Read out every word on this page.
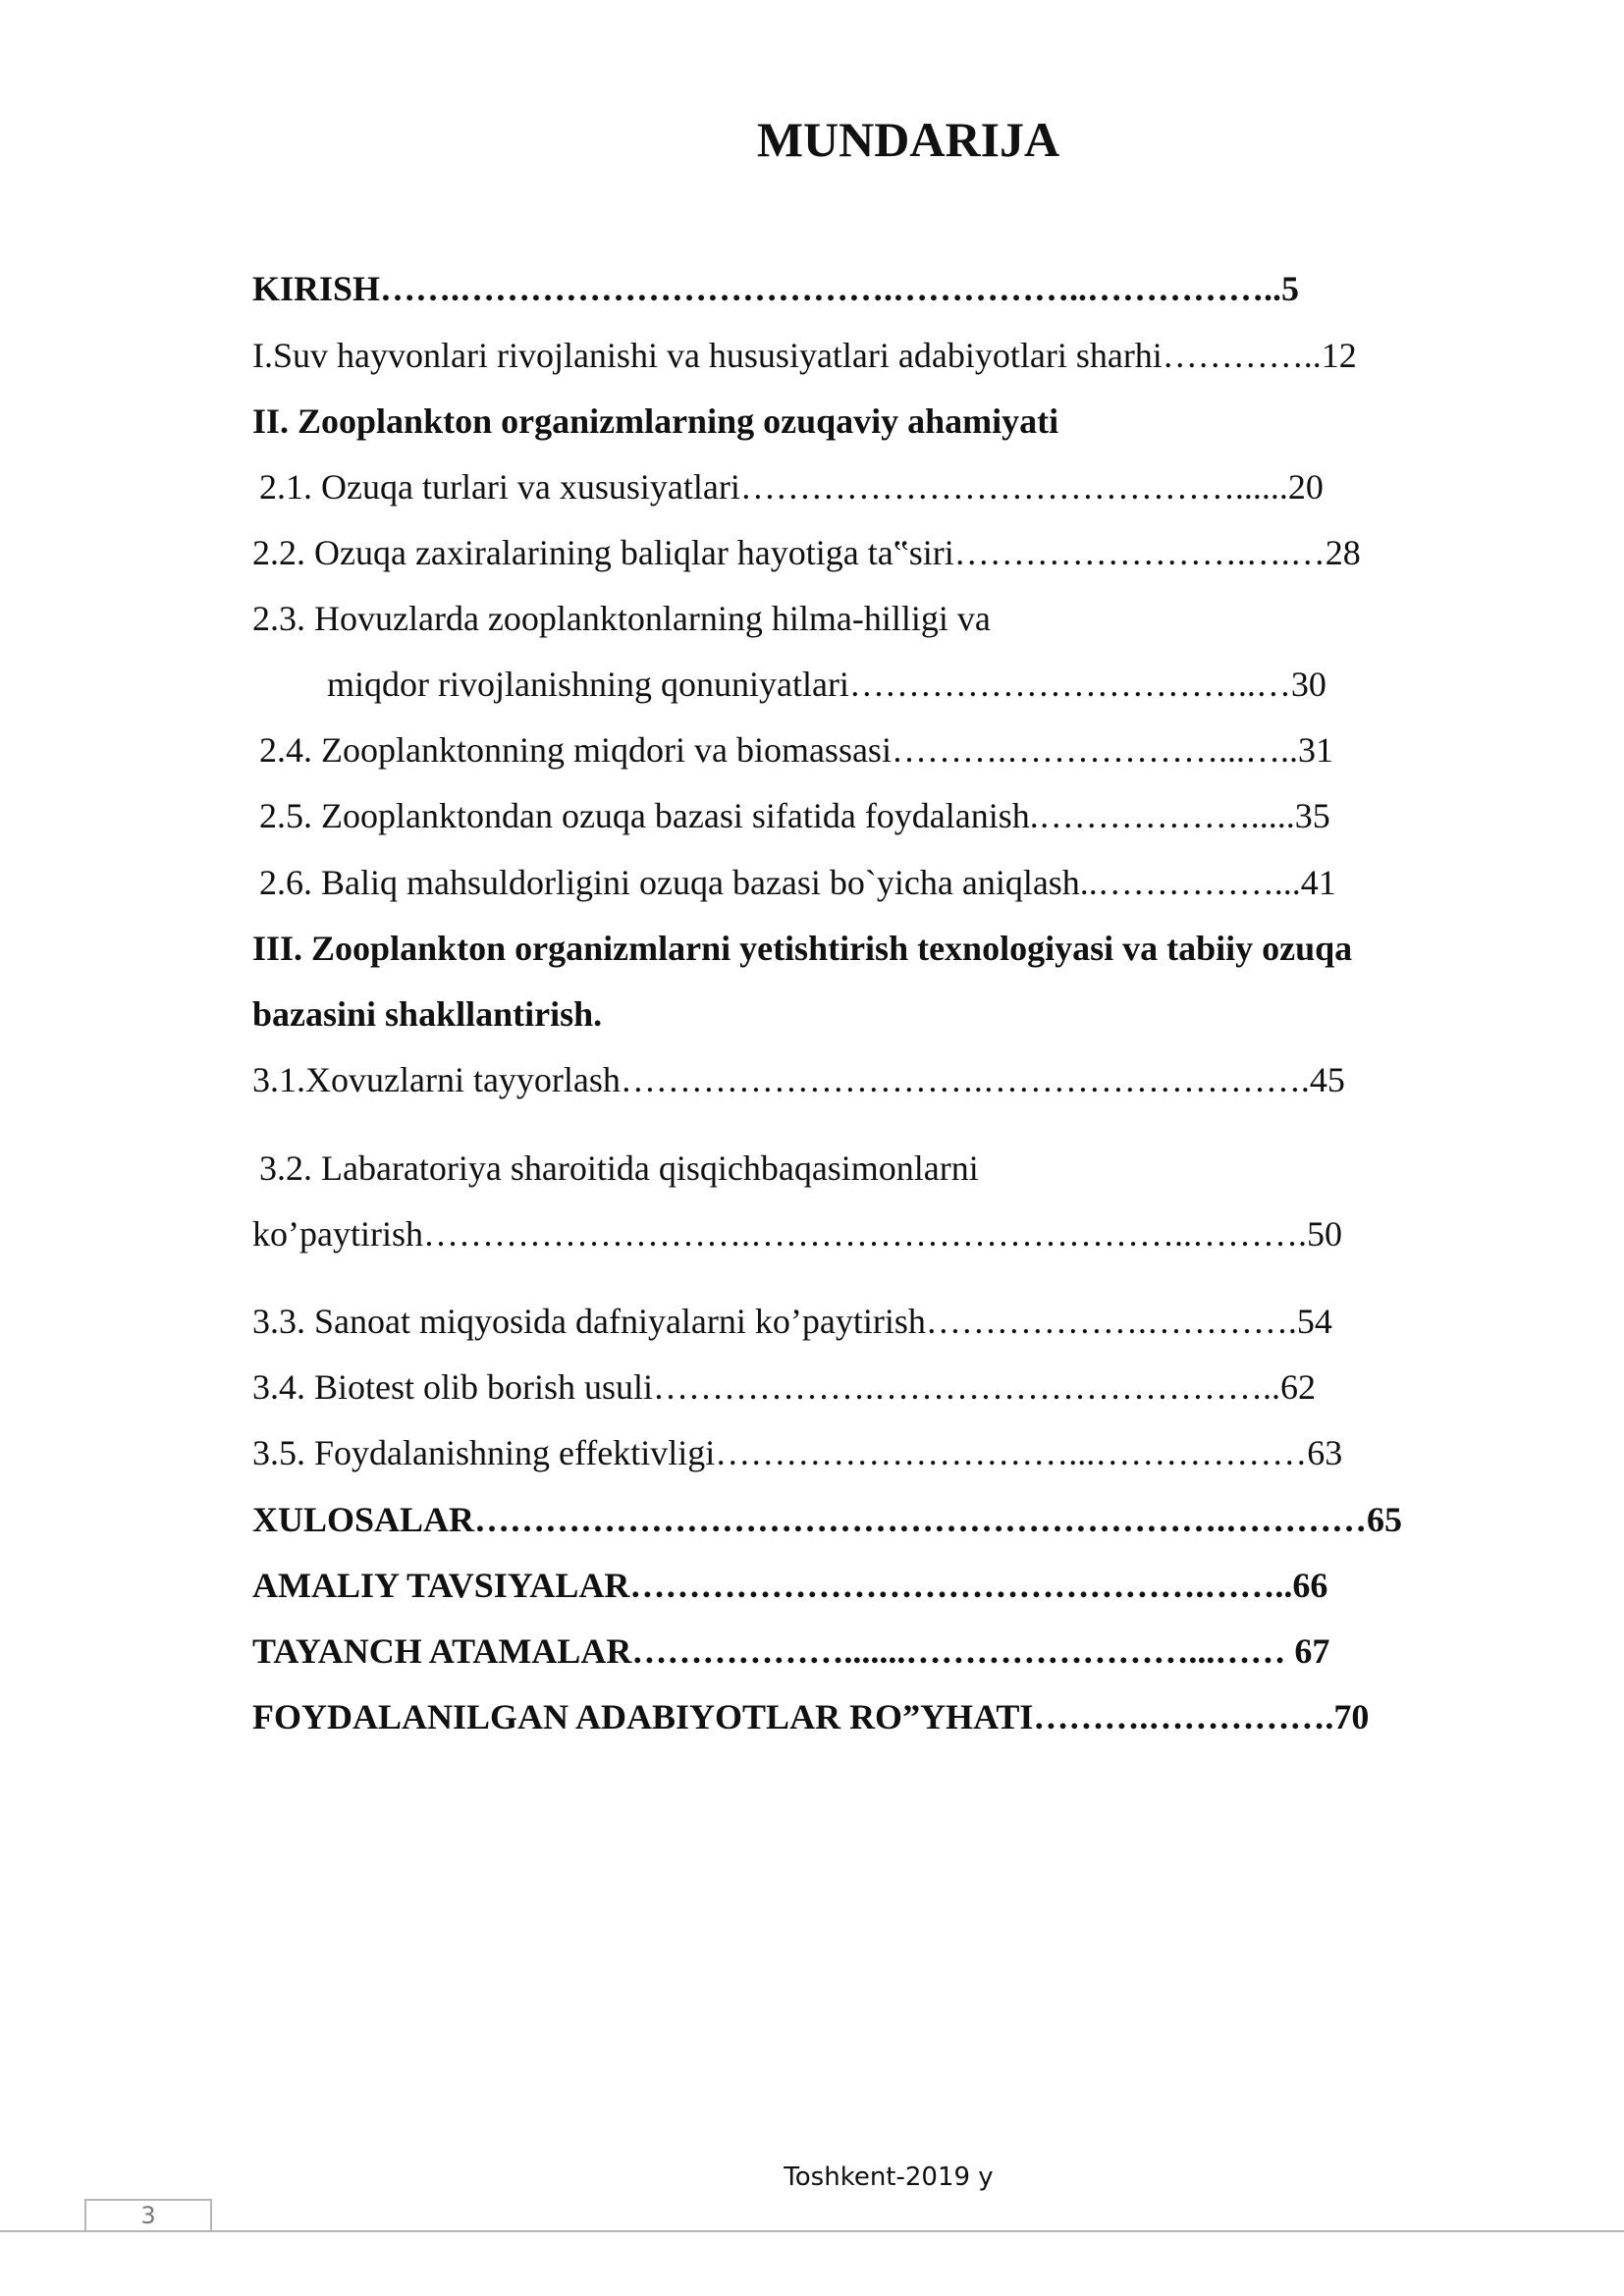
MUNDARIJA
KIRISH…….……………………………….……………..……………..5
I.Suv hayvonlari rivojlanishi va hususiyatlari adabiyotlari sharhi…………..12
II. Zooplankton organizmlarning ozuqaviy ahamiyati
2.1. Ozuqa turlari va xususiyatlari……………………………………......20
2.2. Ozuqa zaxiralarining baliqlar hayotiga ta‟siri…………………….….…28
2.3. Hovuzlarda zooplanktonlarning hilma-hilligi va
miqdor rivojlanishning qonuniyatlari……………………………..…30
2.4. Zooplanktonning miqdori va biomassasi……….………………...…..31
2.5. Zooplanktondan ozuqa bazasi sifatida foydalanish.……………….....35
2.6. Baliq mahsuldorligini ozuqa bazasi bo`yicha aniqlash..……………...41
III. Zooplankton organizmlarni yetishtirish texnologiyasi va tabiiy ozuqa
bazasini shakllantirish.
3.1.Xovuzlarni tayyorlash………………………….……………………….45
3.2. Labaratoriya sharoitida qisqichbaqasimonlarni
ko’paytirish……………………….………………………………..……….50
3.3. Sanoat miqyosida dafniyalarni ko’paytirish……………….………….54
3.4. Biotest olib borish usuli……………….……………………………..62
3.5. Foydalanishning effektivligi…………………………...………………63
XULOSALAR……………………………………………………….…………65
AMALIY TAVSIYALAR………………………………………….……..66
TAYANCH ATAMALAR……………….......……………………...…… 67
FOYDALANILGAN ADABIYOTLAR RO”YHATI……….…………….70
Toshkent-2019 y
3
